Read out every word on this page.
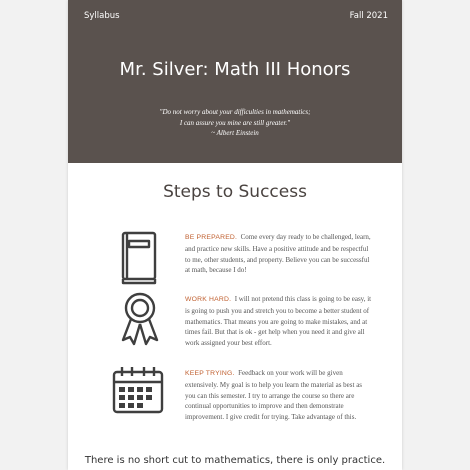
Syllabus	Fall 2021
Mr. Silver: Math III Honors
"Do not worry about your difficulties in mathematics;
I can assure you mine are still greater."
~ Albert Einstein
Steps to Success
BE PREPARED. Come every day ready to be challenged, learn, and practice new skills. Have a positive attitude and be respectful to me, other students, and property. Believe you can be successful at math, because I do!
WORK HARD. I will not pretend this class is going to be easy, it is going to push you and stretch you to become a better student of mathematics. That means you are going to make mistakes, and at times fail. But that is ok - get help when you need it and give all work assigned your best effort.
KEEP TRYING. Feedback on your work will be given extensively. My goal is to help you learn the material as best as you can this semester. I try to arrange the course so there are continual opportunities to improve and then demonstrate improvement. I give credit for trying. Take advantage of this.
There is no short cut to mathematics, there is only practice.
